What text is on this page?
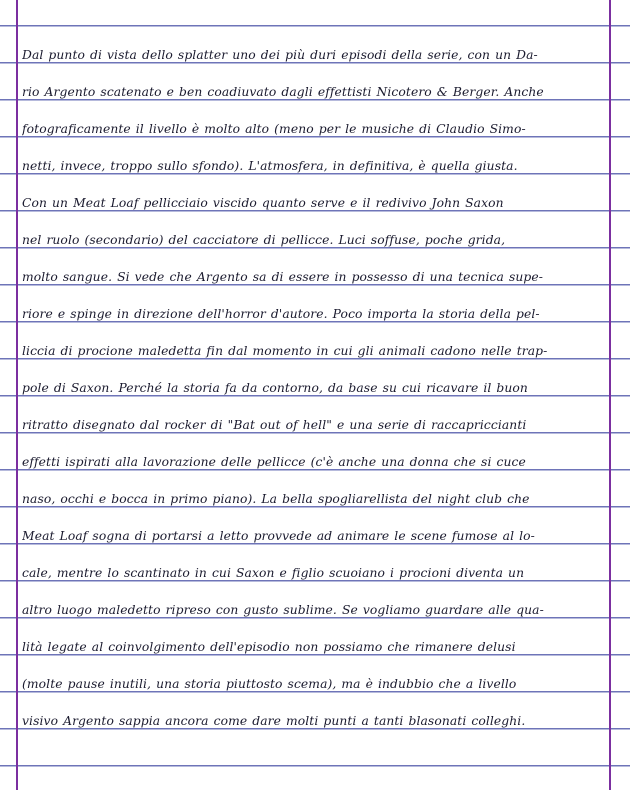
Dal punto di vista dello splatter uno dei più duri episodi della serie, con un Da-

rio Argento scatenato e ben coadiuvato dagli effettisti Nicotero & Berger. Anche

fotograficamente il livello è molto alto (meno per le musiche di Claudio Simo-

netti, invece, troppo sullo sfondo). L'atmosfera, in definitiva, è quella giusta.

Con un Meat Loaf pellicciaio viscido quanto serve e il redivivo John Saxon

nel ruolo (secondario) del cacciatore di pellicce. Luci soffuse, poche grida,

molto sangue. Si vede che Argento sa di essere in possesso di una tecnica supe-

riore e spinge in direzione dell'horror d'autore. Poco importa la storia della pel-

liccia di procione maledetta fin dal momento in cui gli animali cadono nelle trap-

pole di Saxon. Perché la storia fa da contorno, da base su cui ricavare il buon

ritratto disegnato dal rocker di "Bat out of hell" e una serie di raccapriccianti

effetti ispirati alla lavorazione delle pellicce (c'è anche una donna che si cuce

naso, occhi e bocca in primo piano). La bella spogliarellista del night club che

Meat Loaf sogna di portarsi a letto provvede ad animare le scene fumose al lo-

cale, mentre lo scantinato in cui Saxon e figlio scuoiano i procioni diventa un

altro luogo maledetto ripreso con gusto sublime. Se vogliamo guardare alle qua-

lità legate al coinvolgimento dell'episodio non possiamo che rimanere delusi

(molte pause inutili, una storia piuttosto scema), ma è indubbio che a livello

visivo Argento sappia ancora come dare molti punti a tanti blasonati colleghi.
